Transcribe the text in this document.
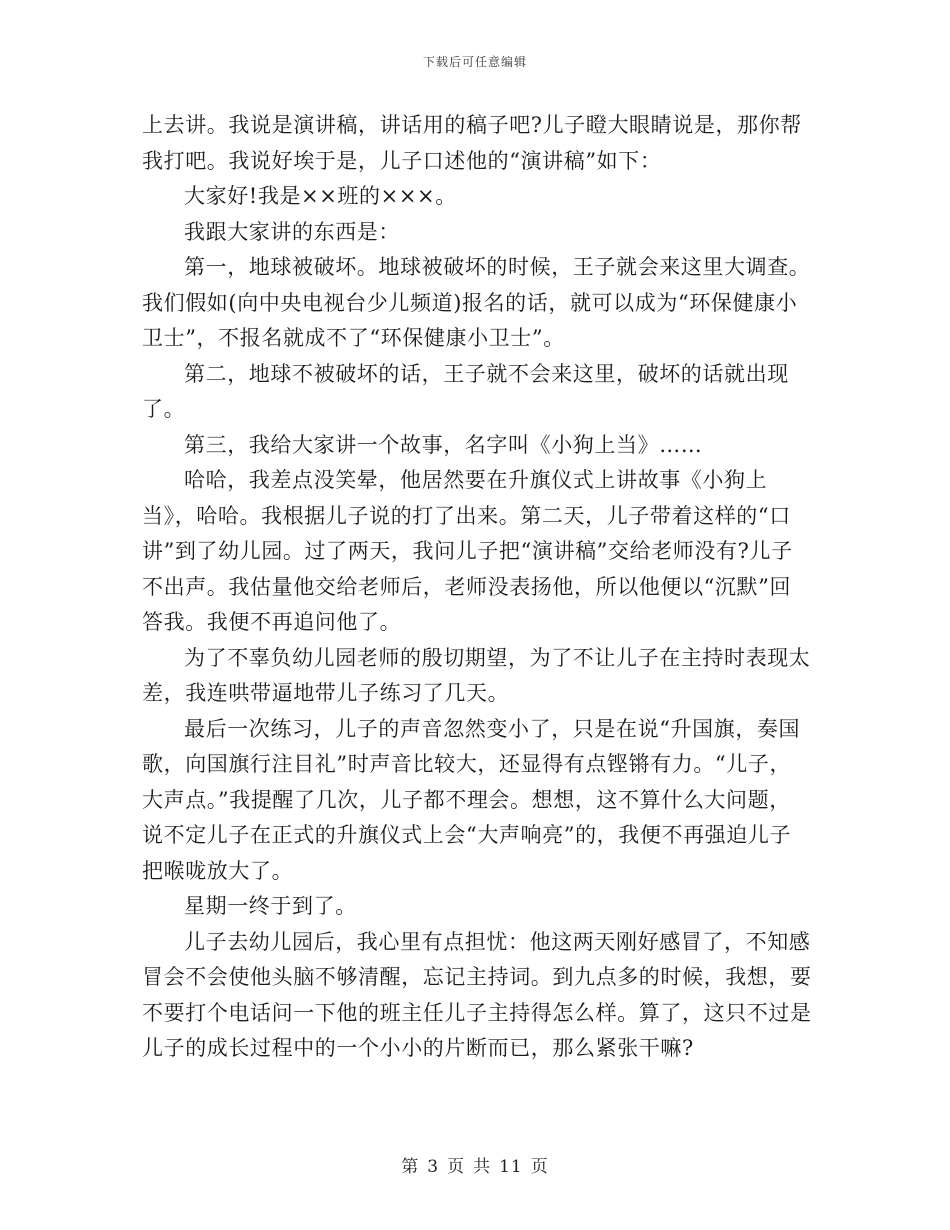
下载后可任意编辑

上去讲。我说是演讲稿，讲话用的稿子吧?儿子瞪大眼睛说是，那你帮我打吧。我说好埃于是，儿子口述他的“演讲稿”如下：

大家好!我是××班的×××。

我跟大家讲的东西是：

第一，地球被破坏。地球被破坏的时候，王子就会来这里大调查。我们假如(向中央电视台少儿频道)报名的话，就可以成为“环保健康小卫士”，不报名就成不了“环保健康小卫士”。

第二，地球不被破坏的话，王子就不会来这里，破坏的话就出现了。

第三，我给大家讲一个故事，名字叫《小狗上当》……

哈哈，我差点没笑晕，他居然要在升旗仪式上讲故事《小狗上当》，哈哈。我根据儿子说的打了出来。第二天，儿子带着这样的“口讲”到了幼儿园。过了两天，我问儿子把“演讲稿”交给老师没有?儿子不出声。我估量他交给老师后，老师没表扬他，所以他便以“沉默”回答我。我便不再追问他了。

为了不辜负幼儿园老师的殷切期望，为了不让儿子在主持时表现太差，我连哄带逼地带儿子练习了几天。

最后一次练习，儿子的声音忽然变小了，只是在说“升国旗，奏国歌，向国旗行注目礼”时声音比较大，还显得有点铿锵有力。“儿子，大声点。”我提醒了几次，儿子都不理会。想想，这不算什么大问题，说不定儿子在正式的升旗仪式上会“大声响亮”的，我便不再强迫儿子把喉咙放大了。

星期一终于到了。

儿子去幼儿园后，我心里有点担忧：他这两天刚好感冒了，不知感冒会不会使他头脑不够清醒，忘记主持词。到九点多的时候，我想，要不要打个电话问一下他的班主任儿子主持得怎么样。算了，这只不过是儿子的成长过程中的一个小小的片断而已，那么紧张干嘛?

第 3 页 共 11 页
